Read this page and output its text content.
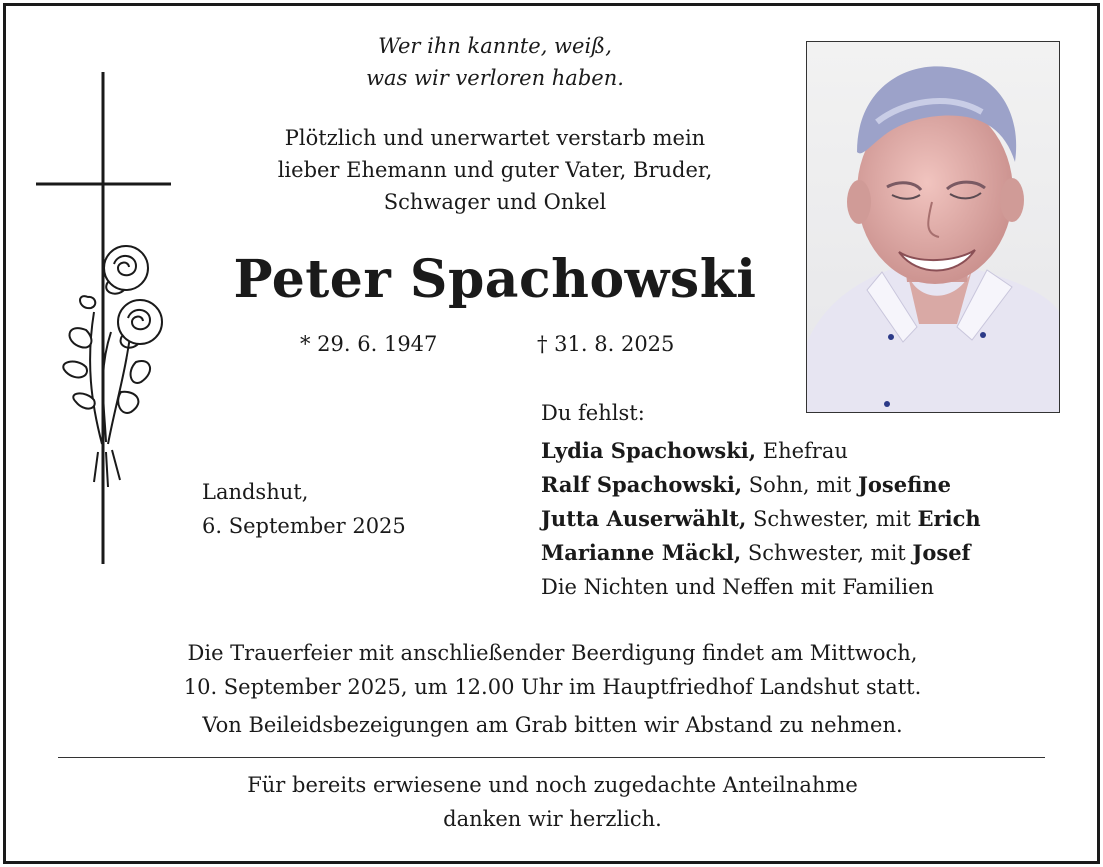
Wer ihn kannte, weiß,
was wir verloren haben.
Plötzlich und unerwartet verstarb mein
lieber Ehemann und guter Vater, Bruder,
Schwager und Onkel
Peter Spachowski
* 29. 6. 1947	† 31. 8. 2025
Landshut,
6. September 2025
Du fehlst:
Lydia Spachowski, Ehefrau
Ralf Spachowski, Sohn, mit Josefine
Jutta Auserwählt, Schwester, mit Erich
Marianne Mäckl, Schwester, mit Josef
Die Nichten und Neffen mit Familien
Die Trauerfeier mit anschließender Beerdigung findet am Mittwoch,
10. September 2025, um 12.00 Uhr im Hauptfriedhof Landshut statt.
Von Beileidsbezeigungen am Grab bitten wir Abstand zu nehmen.
Für bereits erwiesene und noch zugedachte Anteilnahme
danken wir herzlich.
